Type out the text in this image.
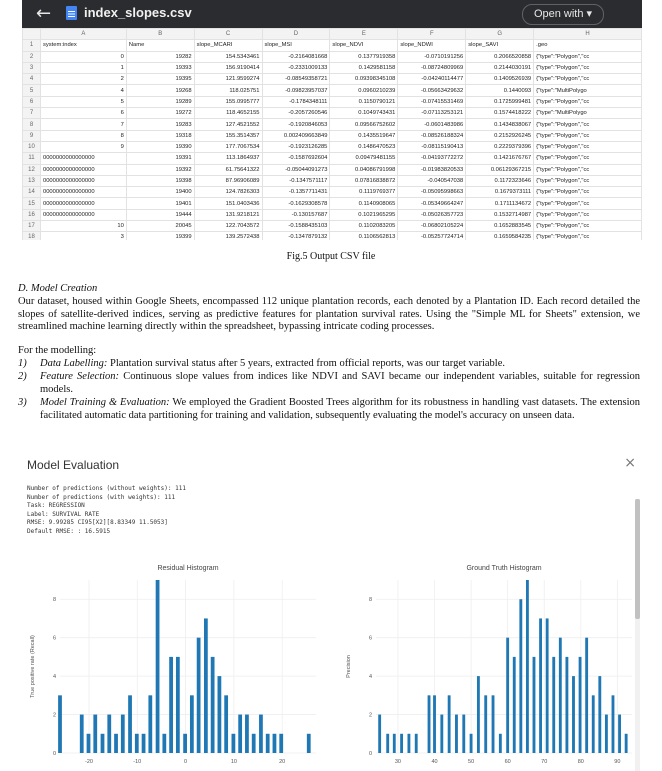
←	index_slopes.csv	Open with ▾
	A	B	C	D	E	F	G	H
1	system:index	Name	slope_MCARI	slope_MSI	slope_NDVI	slope_NDWI	slope_SAVI	.geo
2	0	19282	154.5343461	-0.2164081668	0.1377919358	-0.0710191256	0.2066520858	{"type":"Polygon","cc
3	1	19393	156.9190414	-0.2331009133	0.1429581158	-0.08724809969	0.2144030191	{"type":"Polygon","cc
4	2	19395	121.9599274	-0.08549358721	0.09398345108	-0.04240114477	0.1409526939	{"type":"Polygon","cc
5	4	19268	118.025751	-0.09823957037	0.0960210239	-0.05663429632	0.1440093	{"type":"MultiPolygo
6	5	19289	155.0995777	-0.1784348111	0.1150790121	-0.07415531469	0.1725999481	{"type":"Polygon","cc
7	6	19272	118.4652155	-0.2057260546	0.1049743431	-0.07113253121	0.1574418222	{"type":"MultiPolygo
8	7	19283	127.4521552	-0.1920846053	0.09566752602	-0.0601483986	0.1434838067	{"type":"Polygon","cc
9	8	19318	155.3514357	0.002409663849	0.1435519647	-0.08526188324	0.2152926245	{"type":"Polygon","cc
10	9	19390	177.7067534	-0.1923126285	0.1486470523	-0.08115190413	0.2229379396	{"type":"Polygon","cc
11	0000000000000000	19391	113.1864937	-0.1587692604	0.09479481155	-0.04193772272	0.1421676767	{"type":"Polygon","cc
12	0000000000000000	19392	61.75641322	-0.05044091273	0.04086791998	-0.01983820533	0.06129367215	{"type":"Polygon","cc
13	0000000000000000	19398	87.96906089	-0.1347571117	0.07816838872	-0.040547038	0.1172323646	{"type":"Polygon","cc
14	0000000000000000	19400	124.7826303	-0.1357711431	0.1119769377	-0.05095998663	0.1679373111	{"type":"Polygon","cc
15	0000000000000000	19401	151.0403436	-0.1629308578	0.1140908065	-0.05349664247	0.1711134672	{"type":"Polygon","cc
16	0000000000000000	19444	131.9218121	-0.130157687	0.1021965295	-0.05026357723	0.1532714987	{"type":"Polygon","cc
17	10	20045	122.7043572	-0.1588435103	0.1102083205	-0.06802105224	0.1652883545	{"type":"Polygon","cc
18	3	19399	139.2572438	-0.1347879132	0.1106562813	-0.05257724714	0.1659584235	{"type":"Polygon","cc
Fig.5 Output CSV file
D. Model Creation

Our dataset, housed within Google Sheets, encompassed 112 unique plantation records, each denoted by a Plantation ID. Each record detailed the slopes of satellite-derived indices, serving as predictive features for plantation survival rates. Using the "Simple ML for Sheets" extension, we streamlined machine learning directly within the spreadsheet, bypassing intricate coding processes.

For the modelling:
1) Data Labelling: Plantation survival status after 5 years, extracted from official reports, was our target variable.
2) Feature Selection: Continuous slope values from indices like NDVI and SAVI became our independent variables, suitable for regression models.
3) Model Training & Evaluation: We employed the Gradient Boosted Trees algorithm for its robustness in handling vast datasets. The extension facilitated automatic data partitioning for training and validation, subsequently evaluating the model's accuracy on unseen data.
Model Evaluation	×
Number of predictions (without weights): 111
Number of predictions (with weights): 111
Task: REGRESSION
Label: SURVIVAL RATE
RMSE: 9.99285 CI95[X2][8.83349 11.5053]
Default RMSE: : 16.5915
Residual Histogram
True positive rate (Recall)
0
2
4
6
8
-20	-10	0	10	20
Ground Truth Histogram
Precision
0
2
4
6
8
30	40	50	60	70	80	90
